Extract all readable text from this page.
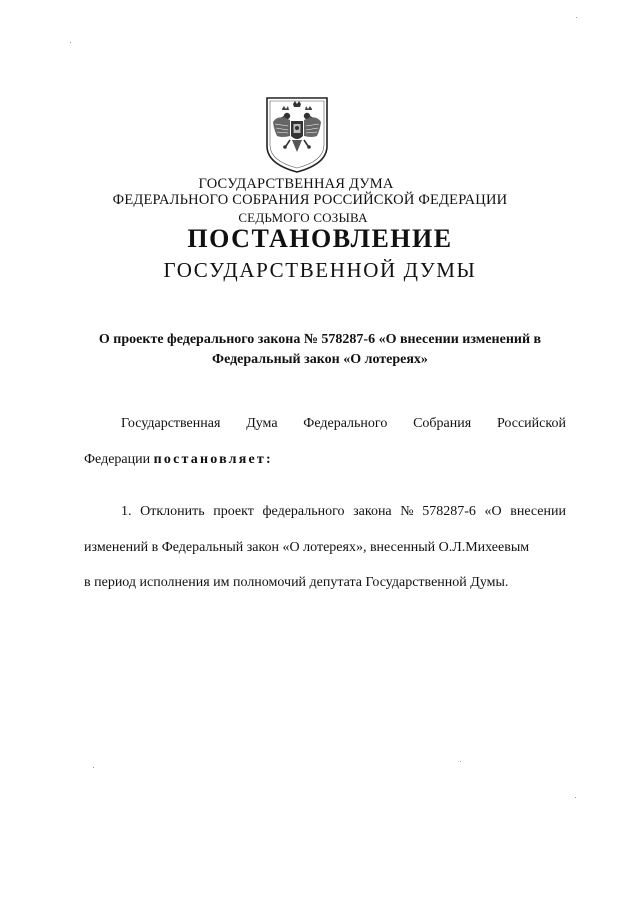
ГОСУДАРСТВЕННАЯ ДУМА
ФЕДЕРАЛЬНОГО СОБРАНИЯ РОССИЙСКОЙ ФЕДЕРАЦИИ
СЕДЬМОГО СОЗЫВА
ПОСТАНОВЛЕНИЕ
ГОСУДАРСТВЕННОЙ ДУМЫ
О проекте федерального закона № 578287-6 «О внесении изменений в
Федеральный закон «О лотереях»
Государственная Дума Федерального Собрания Российской
Федерации постановляет:
1. Отклонить проект федерального закона № 578287-6 «О внесении
изменений в Федеральный закон «О лотереях», внесенный О.Л.Михеевым
в период исполнения им полномочий депутата Государственной Думы.
